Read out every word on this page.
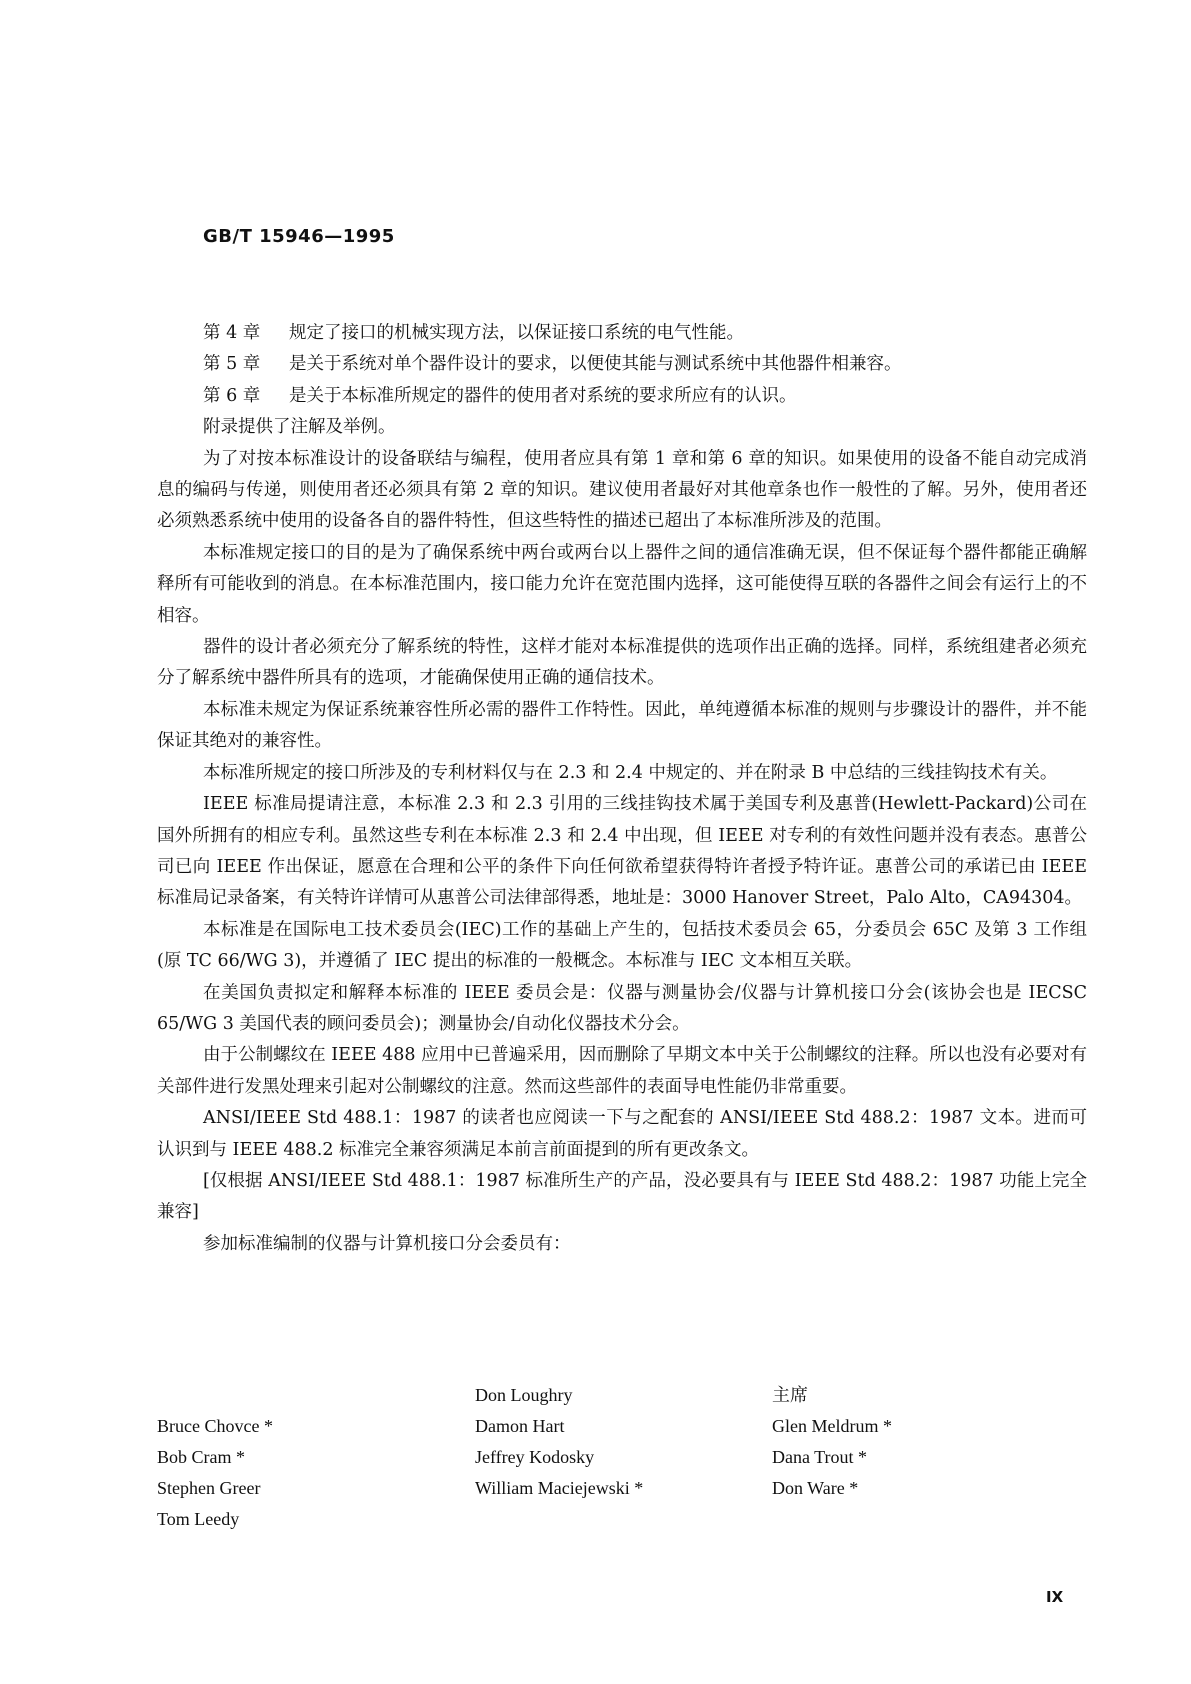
GB/T 15946—1995
第 4 章 规定了接口的机械实现方法，以保证接口系统的电气性能。
第 5 章 是关于系统对单个器件设计的要求，以便使其能与测试系统中其他器件相兼容。
第 6 章 是关于本标准所规定的器件的使用者对系统的要求所应有的认识。
附录提供了注解及举例。
为了对按本标准设计的设备联结与编程，使用者应具有第 1 章和第 6 章的知识。如果使用的设备不能自动完成消息的编码与传递，则使用者还必须具有第 2 章的知识。建议使用者最好对其他章条也作一般性的了解。另外，使用者还必须熟悉系统中使用的设备各自的器件特性，但这些特性的描述已超出了本标准所涉及的范围。
本标准规定接口的目的是为了确保系统中两台或两台以上器件之间的通信准确无误，但不保证每个器件都能正确解释所有可能收到的消息。在本标准范围内，接口能力允许在宽范围内选择，这可能使得互联的各器件之间会有运行上的不相容。
器件的设计者必须充分了解系统的特性，这样才能对本标准提供的选项作出正确的选择。同样，系统组建者必须充分了解系统中器件所具有的选项，才能确保使用正确的通信技术。
本标准未规定为保证系统兼容性所必需的器件工作特性。因此，单纯遵循本标准的规则与步骤设计的器件，并不能保证其绝对的兼容性。
本标准所规定的接口所涉及的专利材料仅与在 2.3 和 2.4 中规定的、并在附录 B 中总结的三线挂钩技术有关。
IEEE 标准局提请注意，本标准 2.3 和 2.3 引用的三线挂钩技术属于美国专利及惠普(Hewlett-Packard)公司在国外所拥有的相应专利。虽然这些专利在本标准 2.3 和 2.4 中出现，但 IEEE 对专利的有效性问题并没有表态。惠普公司已向 IEEE 作出保证，愿意在合理和公平的条件下向任何欲希望获得特许者授予特许证。惠普公司的承诺已由 IEEE 标准局记录备案，有关特许详情可从惠普公司法律部得悉，地址是：3000 Hanover Street，Palo Alto，CA94304。
本标准是在国际电工技术委员会(IEC)工作的基础上产生的，包括技术委员会 65，分委员会 65C 及第 3 工作组(原 TC 66/WG 3)，并遵循了 IEC 提出的标准的一般概念。本标准与 IEC 文本相互关联。
在美国负责拟定和解释本标准的 IEEE 委员会是：仪器与测量协会/仪器与计算机接口分会(该协会也是 IECSC 65/WG 3 美国代表的顾问委员会)；测量协会/自动化仪器技术分会。
由于公制螺纹在 IEEE 488 应用中已普遍采用，因而删除了早期文本中关于公制螺纹的注释。所以也没有必要对有关部件进行发黑处理来引起对公制螺纹的注意。然而这些部件的表面导电性能仍非常重要。
ANSI/IEEE Std 488.1：1987 的读者也应阅读一下与之配套的 ANSI/IEEE Std 488.2：1987 文本。进而可认识到与 IEEE 488.2 标准完全兼容须满足本前言前面提到的所有更改条文。
[仅根据 ANSI/IEEE Std 488.1：1987 标准所生产的产品，没必要具有与 IEEE Std 488.2：1987 功能上完全兼容]
参加标准编制的仪器与计算机接口分会委员有：
Bruce Chovce *
Bob Cram *
Stephen Greer
Tom Leedy
Don Loughry
Damon Hart
Jeffrey Kodosky
William Maciejewski *
主席
Glen Meldrum *
Dana Trout *
Don Ware *
IX
